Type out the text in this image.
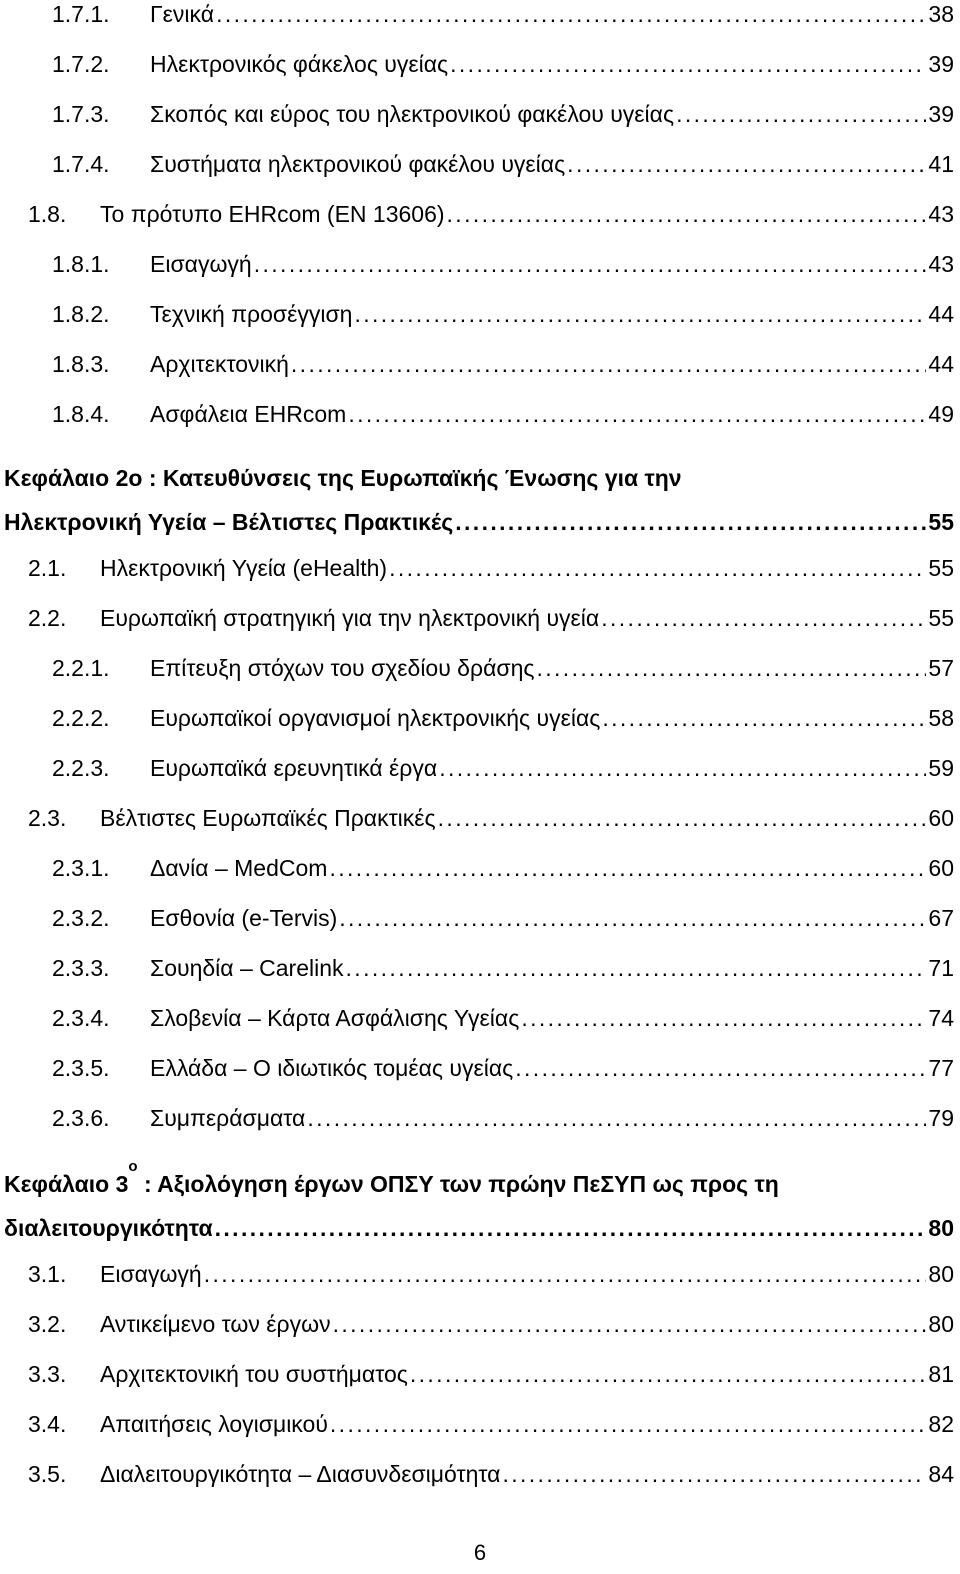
1.7.1. Γενικά . . .	38
1.7.2. Ηλεκτρονικός φάκελος υγείας . . .	39
1.7.3. Σκοπός και εύρος του ηλεκτρονικού φακέλου υγείας . . .	39
1.7.4. Συστήματα ηλεκτρονικού φακέλου υγείας . . .	41
1.8. Το πρότυπο EHRcom (EN 13606) . . .	43
1.8.1. Εισαγωγή . . .	43
1.8.2. Τεχνική προσέγγιση . . .	44
1.8.3. Αρχιτεκτονική . . .	44
1.8.4. Ασφάλεια EHRcom . . .	49
Κεφάλαιο 2ο : Κατευθύνσεις της Ευρωπαϊκής Ένωσης για την
Ηλεκτρονική Υγεία – Βέλτιστες Πρακτικές . . .	55
2.1. Ηλεκτρονική Υγεία (eHealth) . . .	55
2.2. Ευρωπαϊκή στρατηγική για την ηλεκτρονική υγεία . . .	55
2.2.1. Επίτευξη στόχων του σχεδίου δράσης . . .	57
2.2.2. Ευρωπαϊκοί οργανισμοί ηλεκτρονικής υγείας . . .	58
2.2.3. Ευρωπαϊκά ερευνητικά έργα . . .	59
2.3. Βέλτιστες Ευρωπαϊκές Πρακτικές . . .	60
2.3.1. Δανία – MedCom . . .	60
2.3.2. Εσθονία (e-Tervis) . . .	67
2.3.3. Σουηδία – Carelink . . .	71
2.3.4. Σλοβενία – Κάρτα Ασφάλισης Υγείας . . .	74
2.3.5. Ελλάδα – Ο ιδιωτικός τομέας υγείας . . .	77
2.3.6. Συμπεράσματα . . .	79
Κεφάλαιο $3^o$ : Αξιολόγηση έργων ΟΠΣΥ των πρώην ΠεΣΥΠ ως προς τη
διαλειτουργικότητα . . .	80
3.1. Εισαγωγή . . .	80
3.2. Αντικείμενο των έργων . . .	80
3.3. Αρχιτεκτονική του συστήματος . . .	81
3.4. Απαιτήσεις λογισμικού . . .	82
3.5. Διαλειτουργικότητα – Διασυνδεσιμότητα . . .	84
6
